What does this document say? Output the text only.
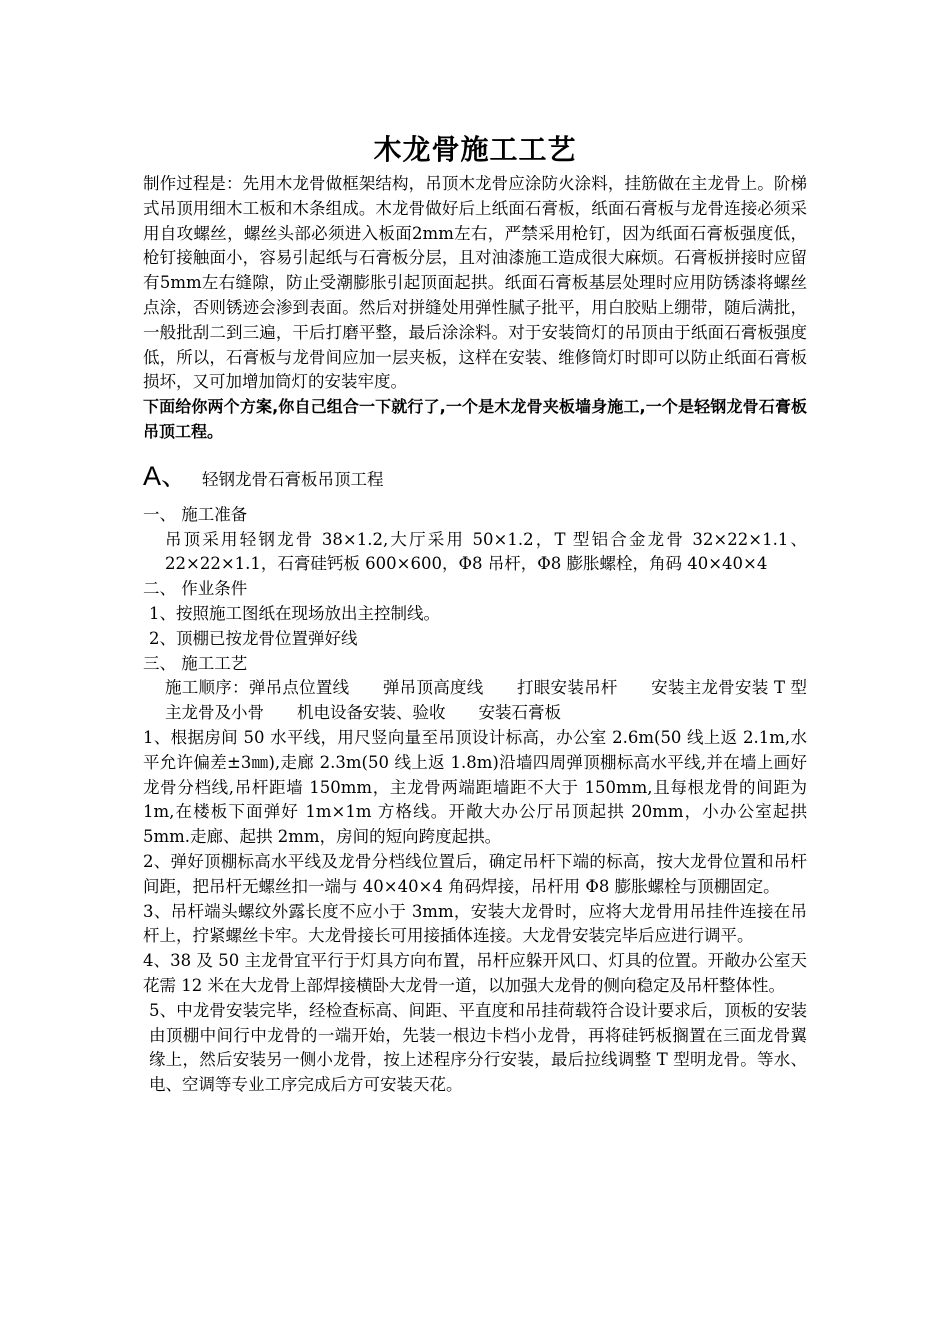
木龙骨施工工艺

制作过程是：先用木龙骨做框架结构，吊顶木龙骨应涂防火涂料，挂筋做在主龙骨上。阶梯式吊顶用细木工板和木条组成。木龙骨做好后上纸面石膏板，纸面石膏板与龙骨连接必须采用自攻螺丝，螺丝头部必须进入板面2mm左右，严禁采用枪钉，因为纸面石膏板强度低，枪钉接触面小，容易引起纸与石膏板分层，且对油漆施工造成很大麻烦。石膏板拼接时应留有5mm左右缝隙，防止受潮膨胀引起顶面起拱。纸面石膏板基层处理时应用防锈漆将螺丝点涂，否则锈迹会渗到表面。然后对拼缝处用弹性腻子批平，用白胶贴上绷带，随后满批，一般批刮二到三遍，干后打磨平整，最后涂涂料。对于安装筒灯的吊顶由于纸面石膏板强度低，所以，石膏板与龙骨间应加一层夹板，这样在安装、维修筒灯时即可以防止纸面石膏板损坏，又可加增加筒灯的安装牢度。

下面给你两个方案,你自己组合一下就行了,一个是木龙骨夹板墙身施工,一个是轻钢龙骨石膏板吊顶工程。

A、 轻钢龙骨石膏板吊顶工程

一、 施工准备

吊顶采用轻钢龙骨 38×1.2,大厅采用 50×1.2，T 型铝合金龙骨 32×22×1.1、22×22×1.1，石膏硅钙板 600×600，Φ8 吊杆，Φ8 膨胀螺栓，角码 40×40×4

二、 作业条件

1、按照施工图纸在现场放出主控制线。

2、顶棚已按龙骨位置弹好线

三、 施工工艺

施工顺序：弹吊点位置线　　弹吊顶高度线　　打眼安装吊杆　　安装主龙骨安装 T 型主龙骨及小骨　　机电设备安装、验收　　安装石膏板

1、根据房间 50 水平线，用尺竖向量至吊顶设计标高，办公室 2.6m(50 线上返 2.1m,水平允许偏差±3㎜),走廊 2.3m(50 线上返 1.8m)沿墙四周弹顶棚标高水平线,并在墙上画好龙骨分档线,吊杆距墙 150mm，主龙骨两端距墙距不大于 150mm,且每根龙骨的间距为 1m,在楼板下面弹好 1m×1m 方格线。开敞大办公厅吊顶起拱 20mm，小办公室起拱 5mm.走廊、起拱 2mm，房间的短向跨度起拱。

2、弹好顶棚标高水平线及龙骨分档线位置后，确定吊杆下端的标高，按大龙骨位置和吊杆间距，把吊杆无螺丝扣一端与 40×40×4 角码焊接，吊杆用 Φ8 膨胀螺栓与顶棚固定。

3、吊杆端头螺纹外露长度不应小于 3mm，安装大龙骨时，应将大龙骨用吊挂件连接在吊杆上，拧紧螺丝卡牢。大龙骨接长可用接插体连接。大龙骨安装完毕后应进行调平。

4、38 及 50 主龙骨宜平行于灯具方向布置，吊杆应躲开风口、灯具的位置。开敞办公室天花需 12 米在大龙骨上部焊接横卧大龙骨一道，以加强大龙骨的侧向稳定及吊杆整体性。

5、中龙骨安装完毕，经检查标高、间距、平直度和吊挂荷载符合设计要求后，顶板的安装由顶棚中间行中龙骨的一端开始，先装一根边卡档小龙骨，再将硅钙板搁置在三面龙骨翼缘上，然后安装另一侧小龙骨，按上述程序分行安装，最后拉线调整 T 型明龙骨。等水、电、空调等专业工序完成后方可安装天花。
